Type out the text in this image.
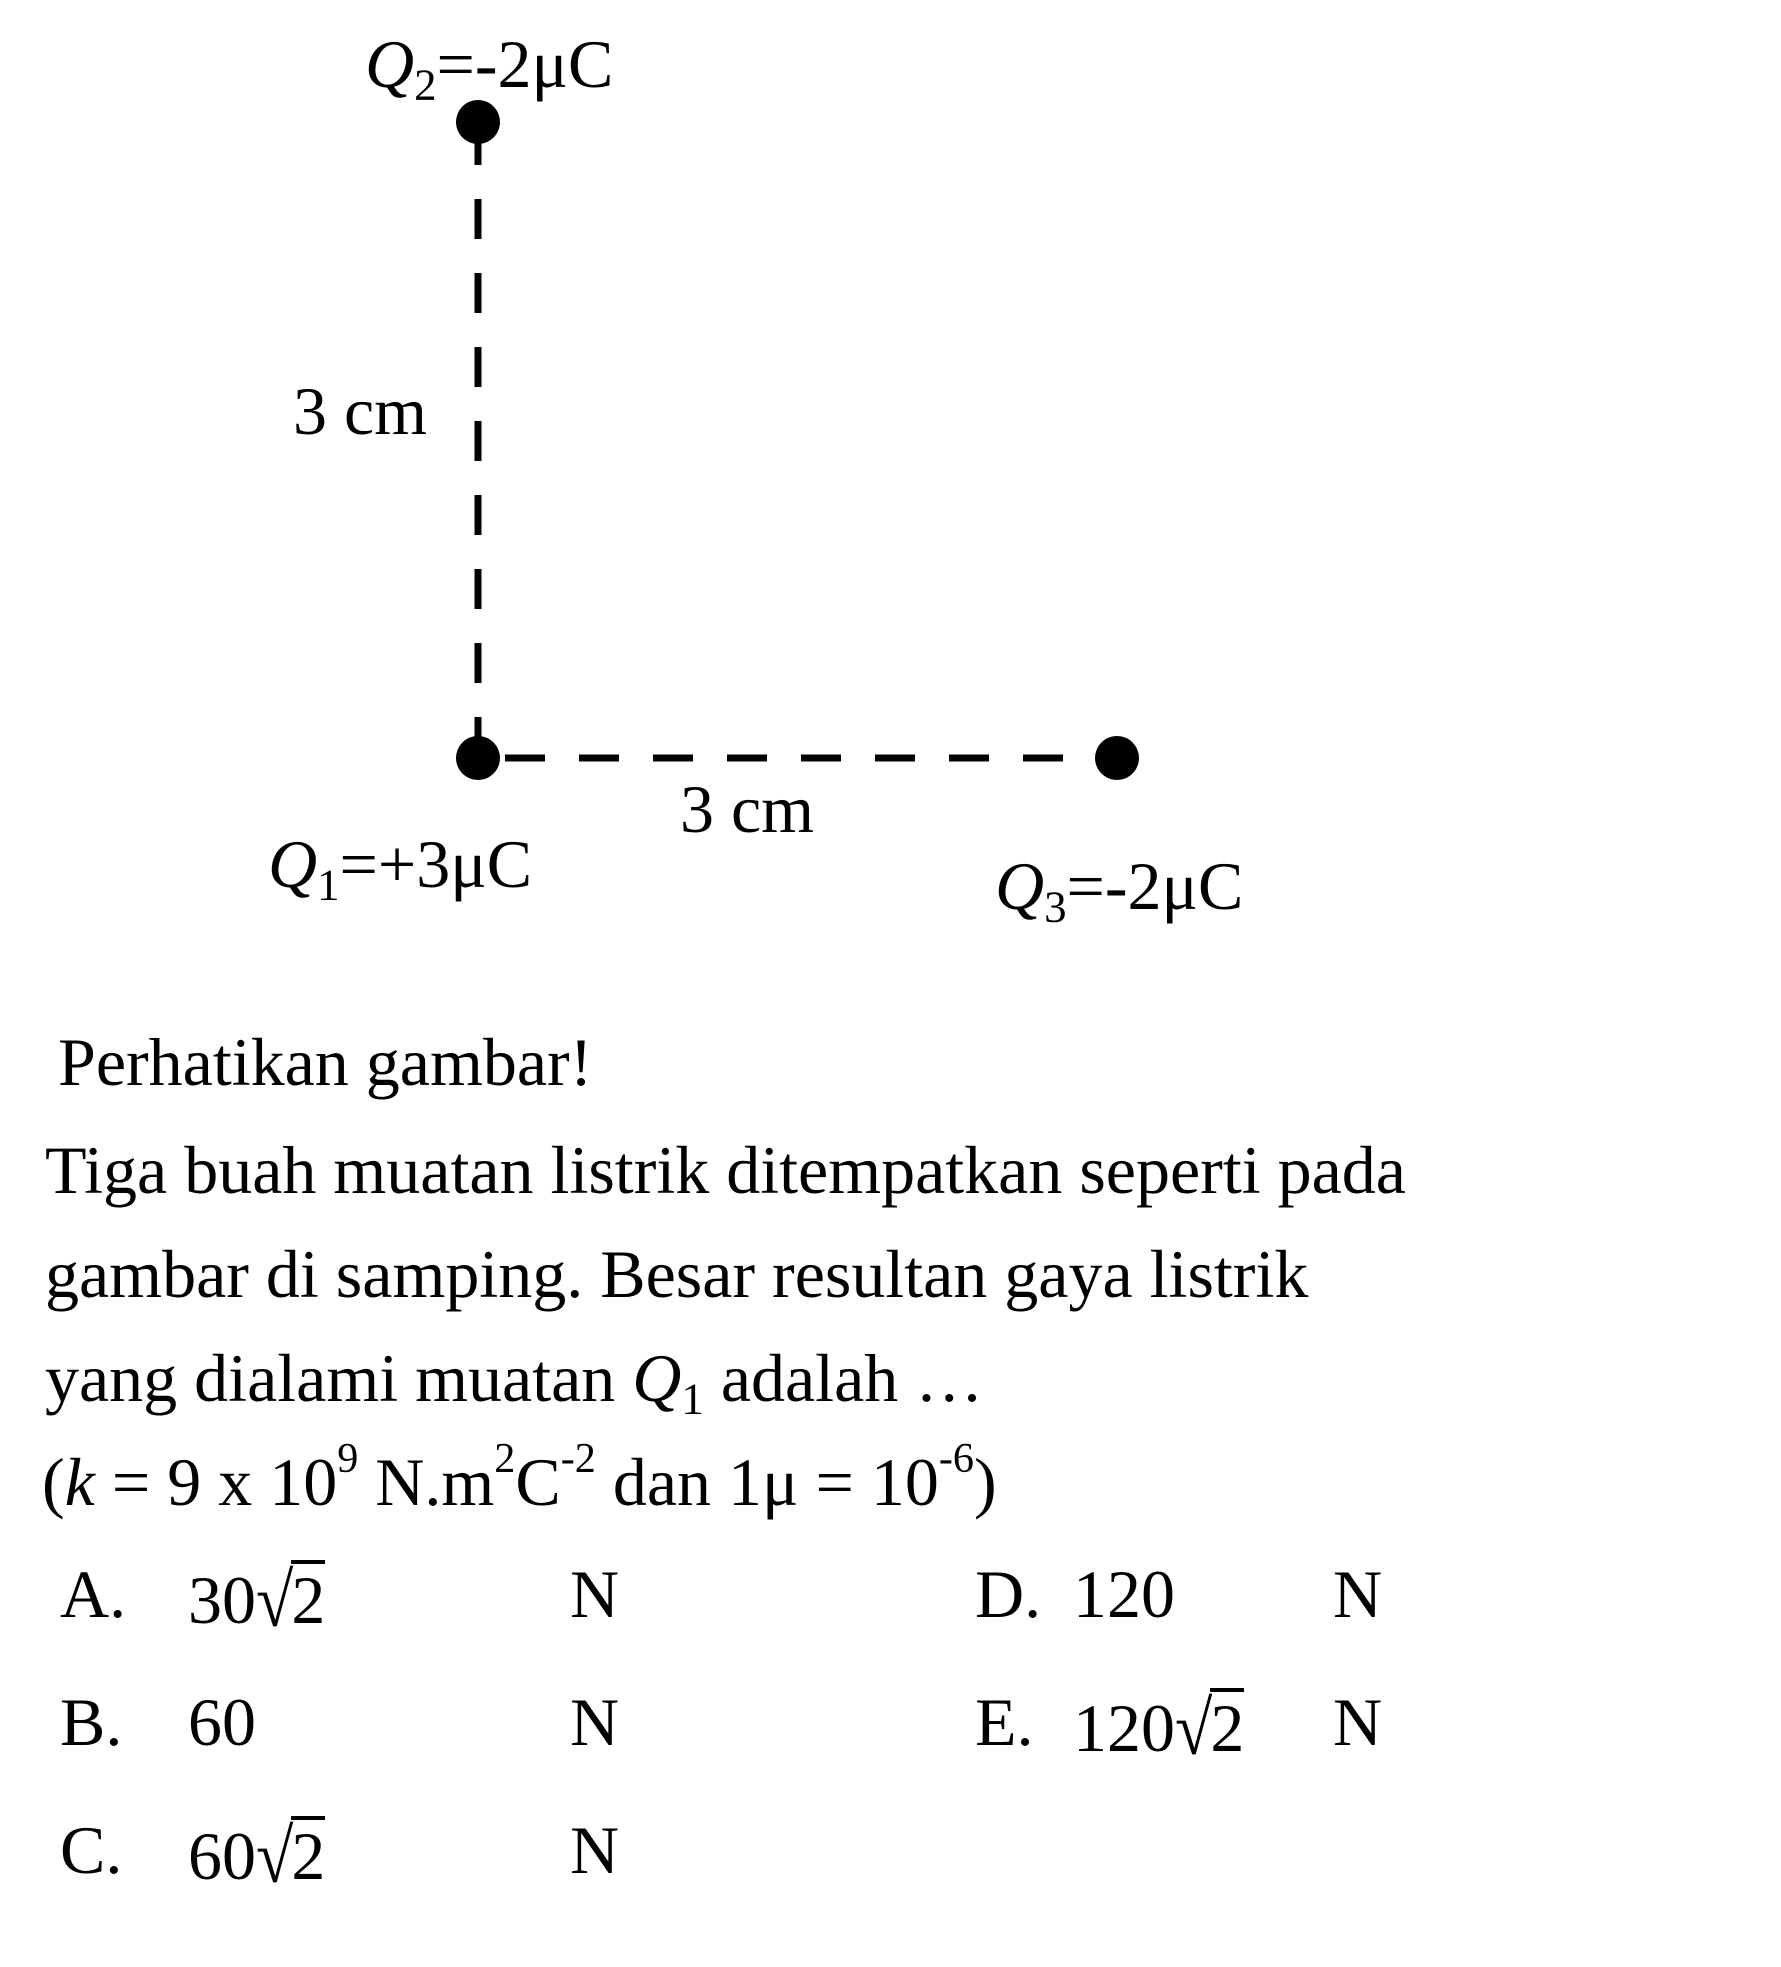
$Q_2=-2\mu C$
3 cm
3 cm
$Q_1=+3\mu C$	$Q_3=-2\mu C$
Perhatikan gambar!
Tiga buah muatan listrik ditempatkan seperti pada
gambar di samping. Besar resultan gaya listrik
yang dialami muatan $Q_1$ adalah …
(k = 9 x $10^9$ $N.m^2C^{-2}$ dan $1\mu = 10^{-6}$)
A. 30√2	N
B. 60	N
C. 60√2	N
D. 120 N
E. 120√2 N
